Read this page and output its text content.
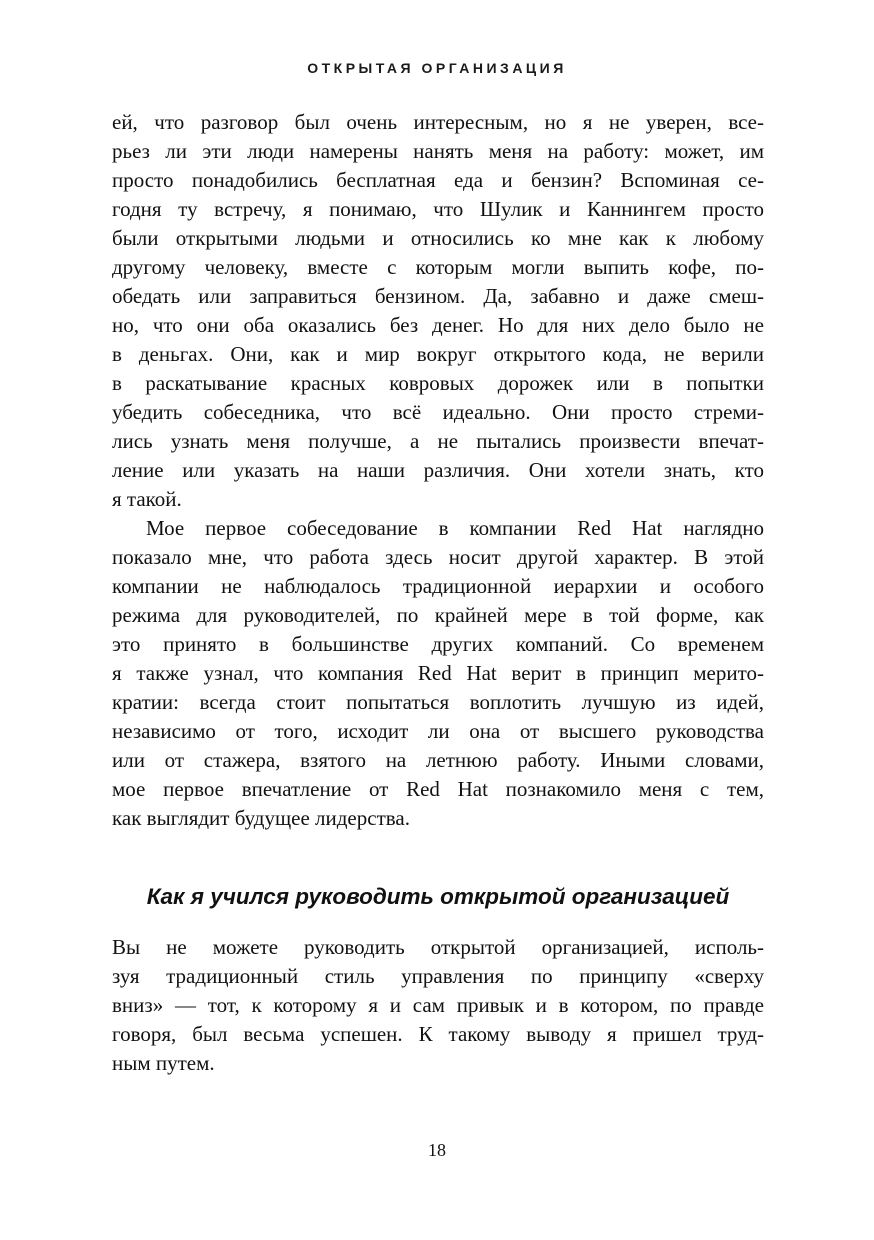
ОТКРЫТАЯ ОРГАНИЗАЦИЯ

ей, что разговор был очень интересным, но я не уверен, все-
рьез ли эти люди намерены нанять меня на работу: может, им
просто понадобились бесплатная еда и бензин? Вспоминая се-
годня ту встречу, я понимаю, что Шулик и Каннингем просто
были открытыми людьми и относились ко мне как к любому
другому человеку, вместе с которым могли выпить кофе, по-
обедать или заправиться бензином. Да, забавно и даже смеш-
но, что они оба оказались без денег. Но для них дело было не
в деньгах. Они, как и мир вокруг открытого кода, не верили
в раскатывание красных ковровых дорожек или в попытки
убедить собеседника, что всё идеально. Они просто стреми-
лись узнать меня получше, а не пытались произвести впечат-
ление или указать на наши различия. Они хотели знать, кто
я такой.

Мое первое собеседование в компании Red Hat наглядно
показало мне, что работа здесь носит другой характер. В этой
компании не наблюдалось традиционной иерархии и особого
режима для руководителей, по крайней мере в той форме, как
это принято в большинстве других компаний. Со временем
я также узнал, что компания Red Hat верит в принцип мерито-
кратии: всегда стоит попытаться воплотить лучшую из идей,
независимо от того, исходит ли она от высшего руководства
или от стажера, взятого на летнюю работу. Иными словами,
мое первое впечатление от Red Hat познакомило меня с тем,
как выглядит будущее лидерства.

Как я учился руководить открытой организацией

Вы не можете руководить открытой организацией, исполь-
зуя традиционный стиль управления по принципу «сверху
вниз» — тот, к которому я и сам привык и в котором, по правде
говоря, был весьма успешен. К такому выводу я пришел труд-
ным путем.

18
